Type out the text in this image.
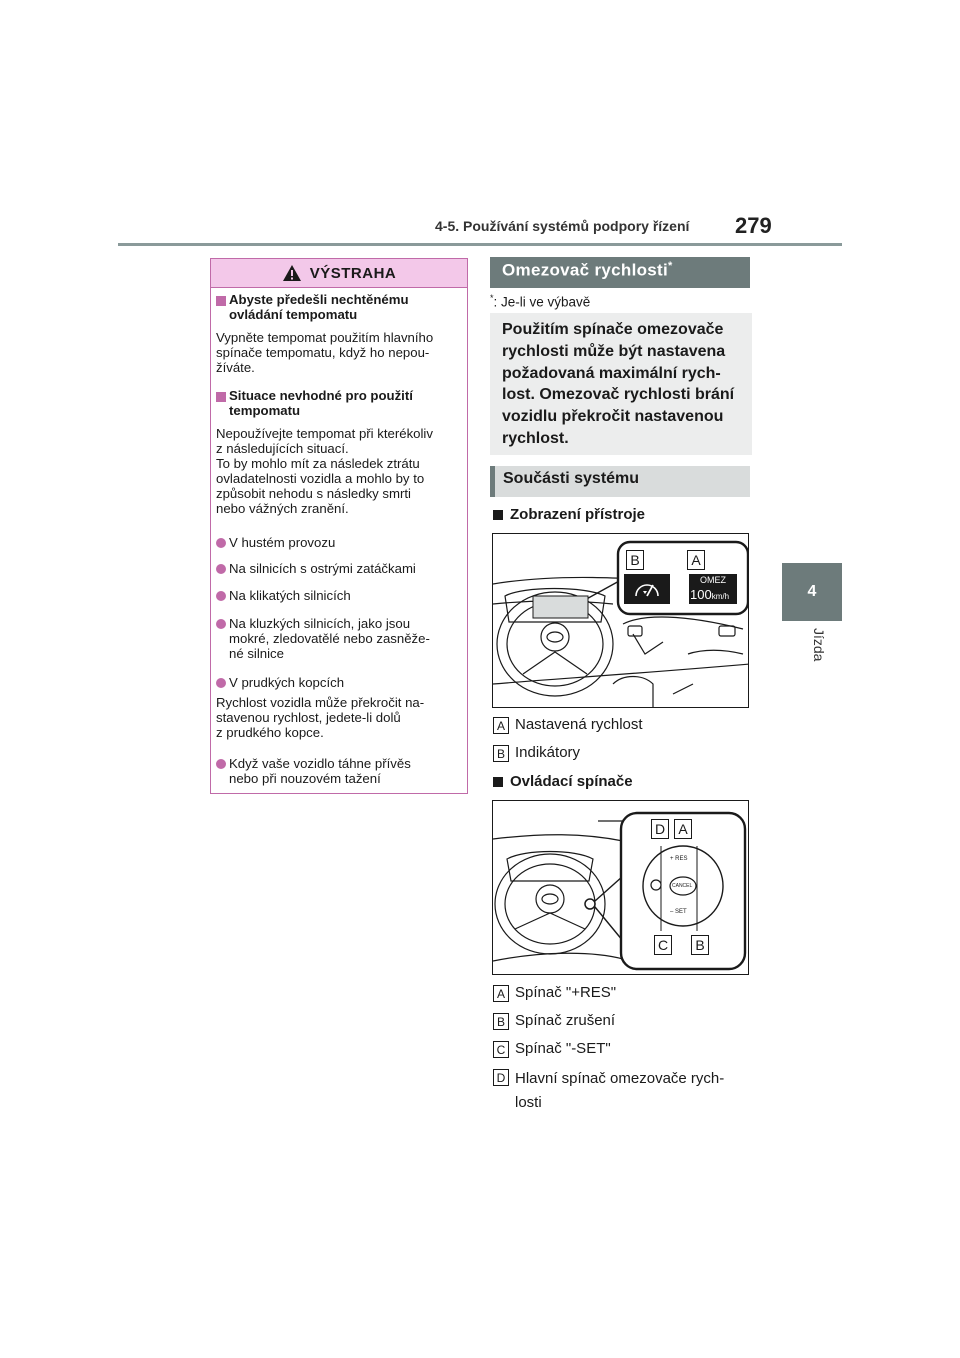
4-5. Používání systémů podpory řízení 279
4
Jízda
VÝSTRAHA
Abyste předešli nechtěnému
ovládání tempomatu
Vypněte tempomat použitím hlavního
spínače tempomatu, když ho nepou-
žíváte.
Situace nevhodné pro použití
tempomatu
Nepoužívejte tempomat při kterékoliv
z následujících situací.
To by mohlo mít za následek ztrátu
ovladatelnosti vozidla a mohlo by to
způsobit nehodu s následky smrti
nebo vážných zranění.
V hustém provozu
Na silnicích s ostrými zatáčkami
Na klikatých silnicích
Na kluzkých silnicích, jako jsou
mokré, zledovatělé nebo zasněže-
né silnice
V prudkých kopcích
Rychlost vozidla může překročit na-
stavenou rychlost, jedete-li dolů
z prudkého kopce.
Když vaše vozidlo táhne přívěs
nebo při nouzovém tažení
Omezovač rychlosti*
*: Je-li ve výbavě
Použitím spínače omezovače
rychlosti může být nastavena
požadovaná maximální rych-
lost. Omezovač rychlosti brání
vozidlu překročit nastavenou
rychlost.
Součásti systému
Zobrazení přístroje
B	A
OMEZ
100km/h
A Nastavená rychlost
B Indikátory
Ovládací spínače
D A
C	B
+ RES
CANCEL
– SET
A Spínač "+RES"
B Spínač zrušení
C Spínač "-SET"
D Hlavní spínač omezovače rych-
losti
